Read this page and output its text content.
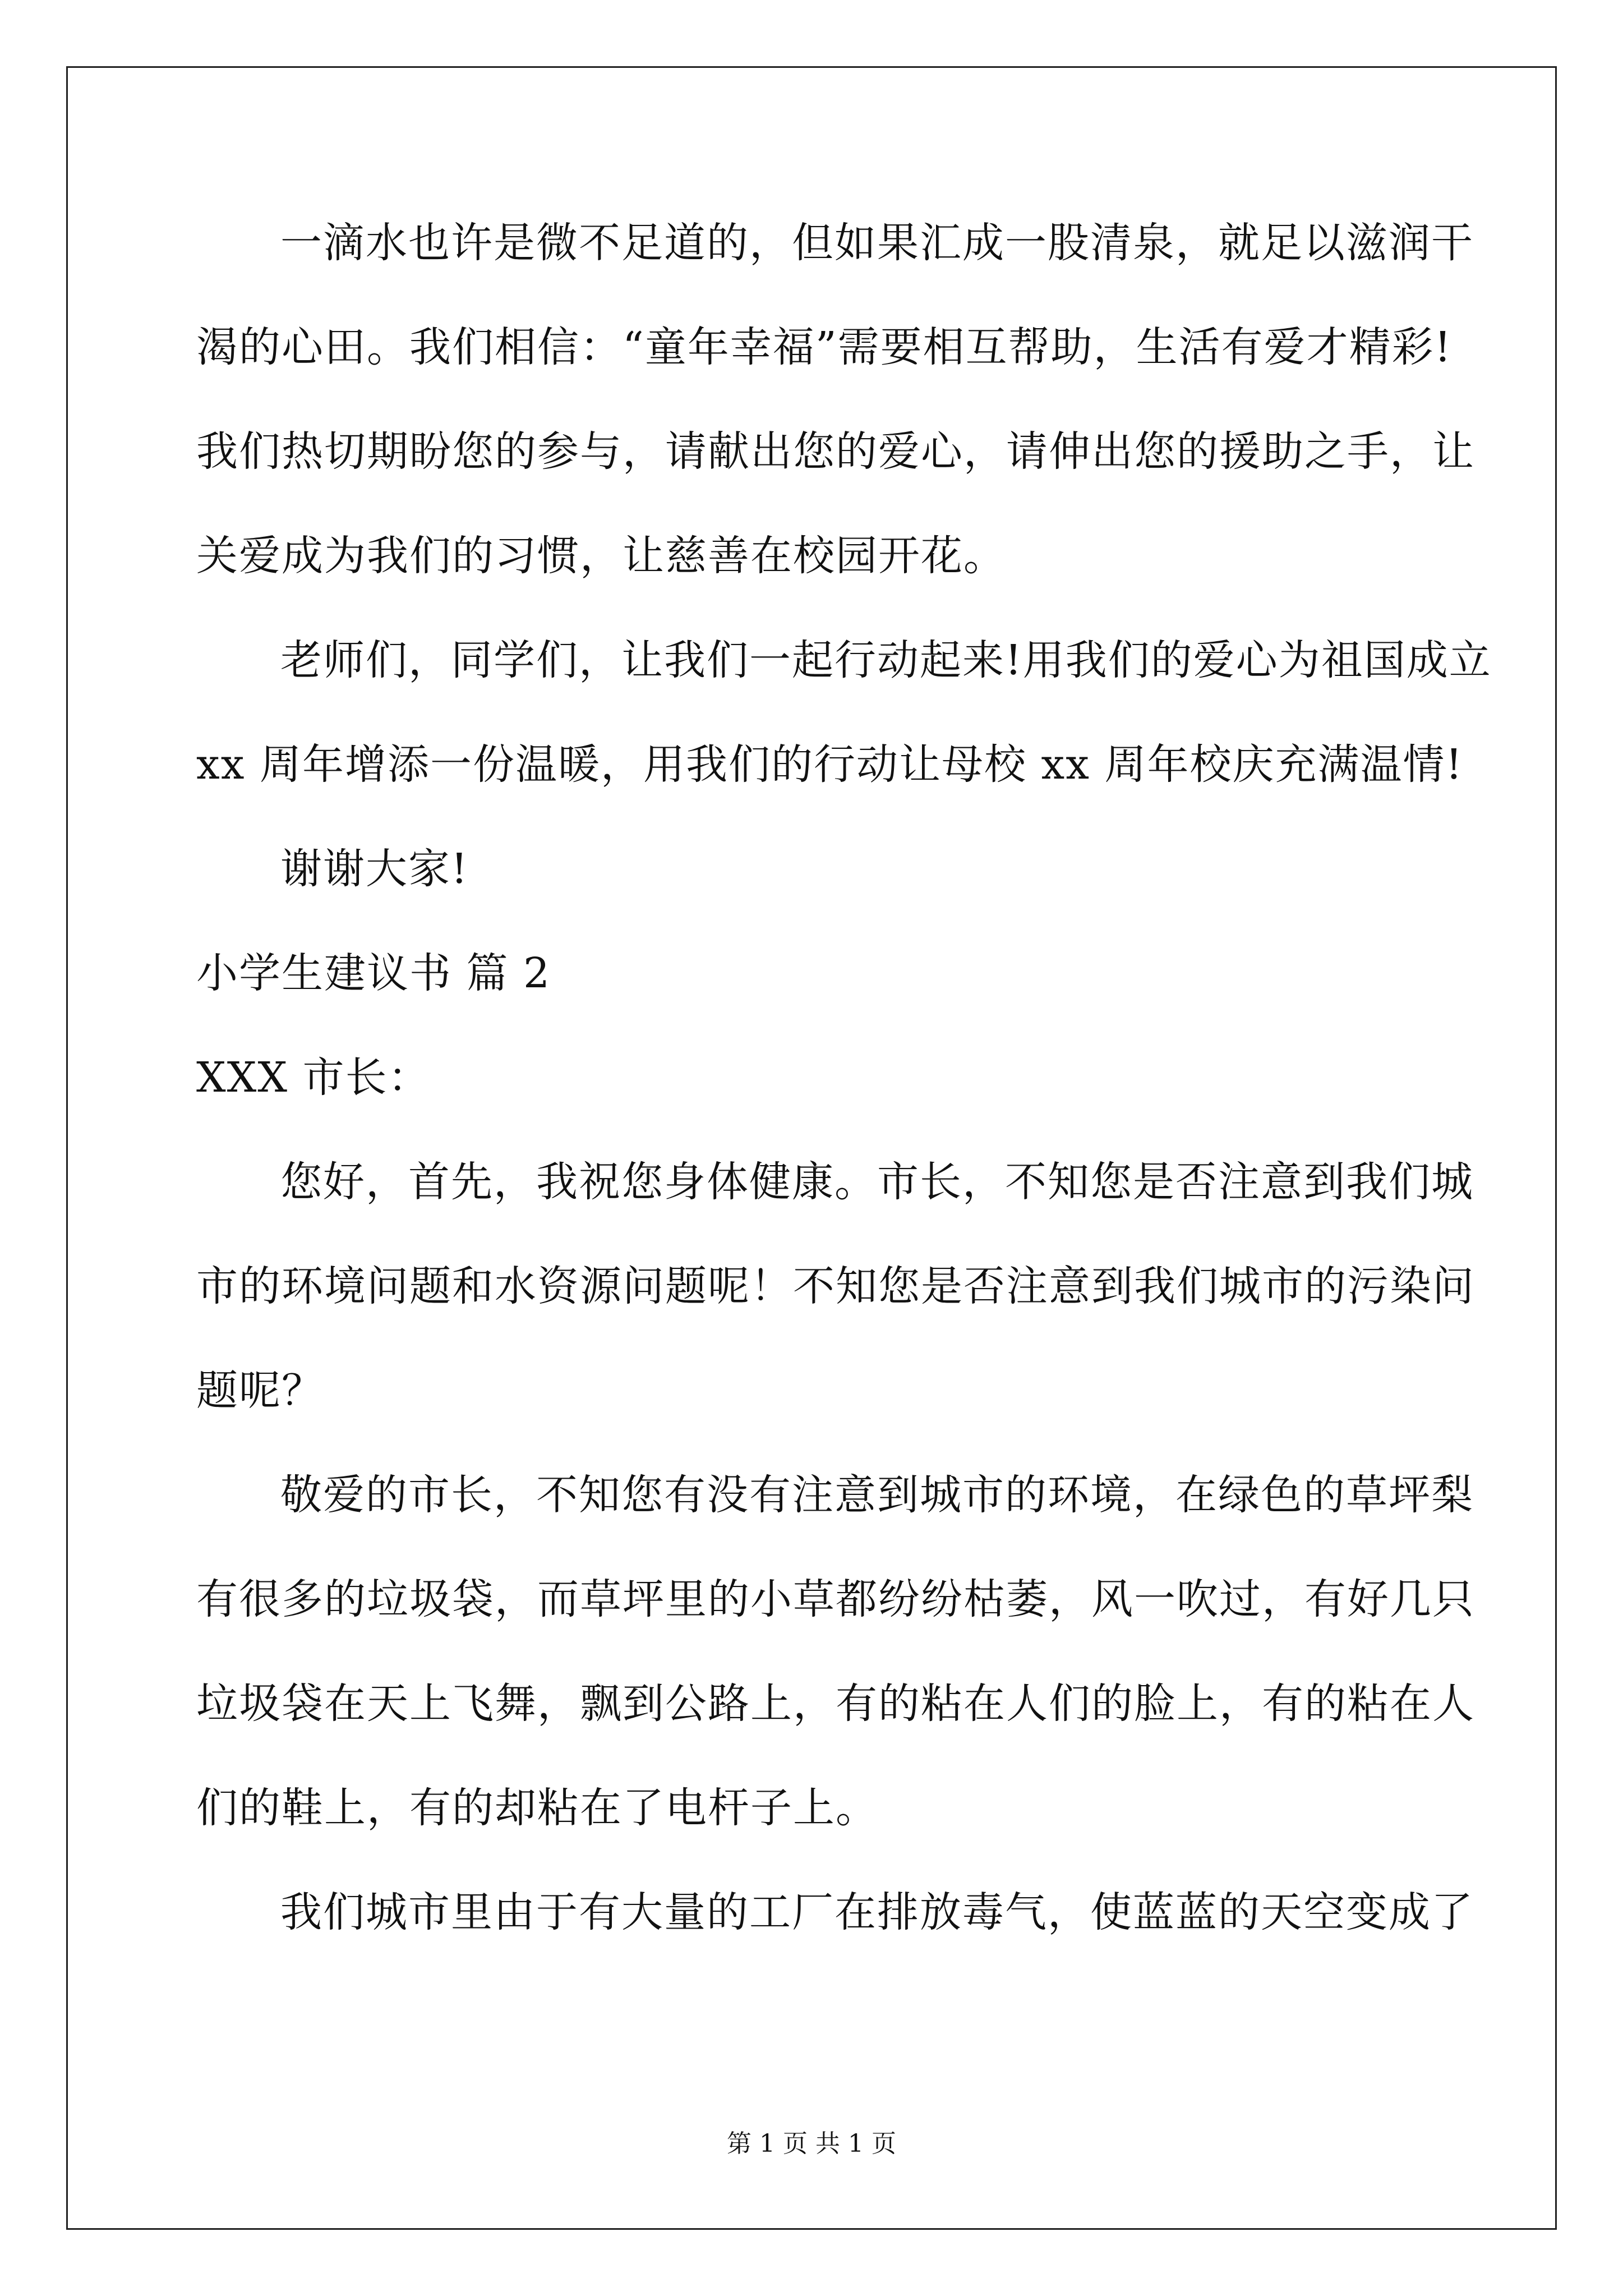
一滴水也许是微不足道的，但如果汇成一股清泉，就足以滋润干
渴的心田。我们相信：“童年幸福”需要相互帮助，生活有爱才精彩!
我们热切期盼您的参与，请献出您的爱心，请伸出您的援助之手，让
关爱成为我们的习惯，让慈善在校园开花。
老师们，同学们，让我们一起行动起来!用我们的爱心为祖国成立
xx 周年增添一份温暖，用我们的行动让母校 xx 周年校庆充满温情!
谢谢大家!
小学生建议书 篇 2
XXX 市长：
您好，首先，我祝您身体健康。市长，不知您是否注意到我们城
市的环境问题和水资源问题呢！不知您是否注意到我们城市的污染问
题呢？
敬爱的市长，不知您有没有注意到城市的环境，在绿色的草坪梨
有很多的垃圾袋，而草坪里的小草都纷纷枯萎，风一吹过，有好几只
垃圾袋在天上飞舞，飘到公路上，有的粘在人们的脸上，有的粘在人
们的鞋上，有的却粘在了电杆子上。
我们城市里由于有大量的工厂在排放毒气，使蓝蓝的天空变成了
第 1 页 共 1 页
